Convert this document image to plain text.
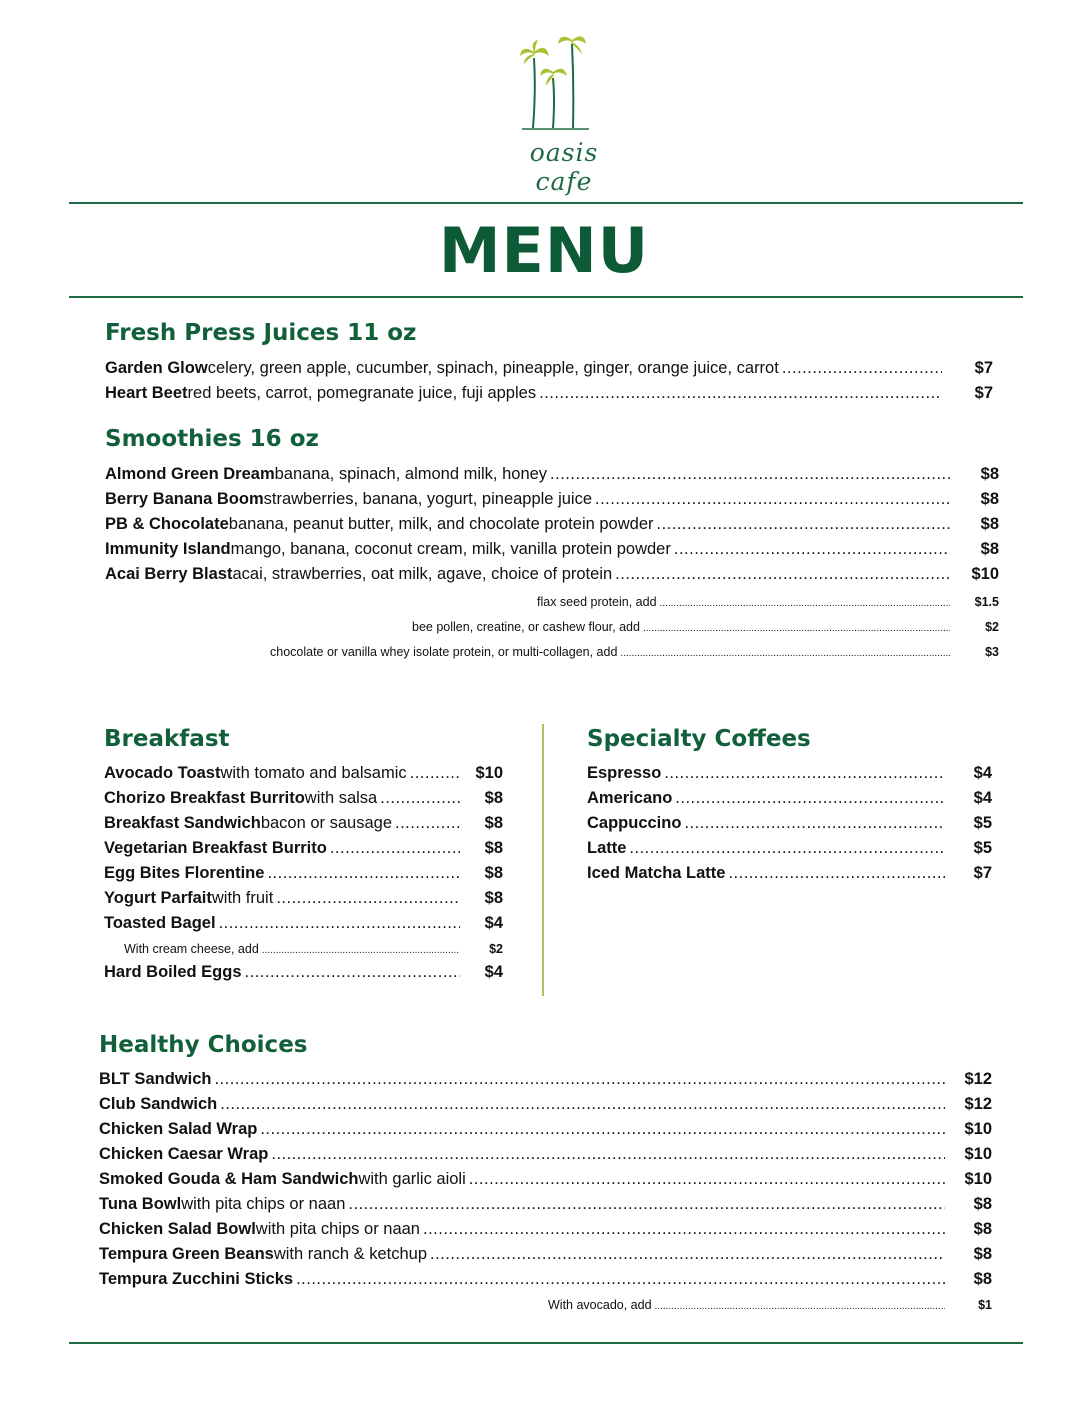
oasis cafe
MENU
Fresh Press Juices 11 oz
Garden Glow celery, green apple, cucumber, spinach, pineapple, ginger, orange juice, carrot .....	$7
Heart Beet red beets, carrot, pomegranate juice, fuji apples .....	$7
Smoothies 16 oz
Almond Green Dream banana, spinach, almond milk, honey .....	$8
Berry Banana Boom strawberries, banana, yogurt, pineapple juice .....	$8
PB & Chocolate banana, peanut butter, milk, and chocolate protein powder .....	$8
Immunity Island mango, banana, coconut cream, milk, vanilla protein powder .....	$8
Acai Berry Blast acai, strawberries, oat milk, agave, choice of protein .....	$10
flax seed protein, add .....	$1.5
bee pollen, creatine, or cashew flour, add .....	$2
chocolate or vanilla whey isolate protein, or multi-collagen, add .....	$3
Breakfast
Avocado Toast with tomato and balsamic .....	$10
Chorizo Breakfast Burrito with salsa .....	$8
Breakfast Sandwich bacon or sausage .....	$8
Vegetarian Breakfast Burrito .....	$8
Egg Bites Florentine .....	$8
Yogurt Parfait with fruit .....	$8
Toasted Bagel .....	$4
With cream cheese, add .....	$2
Hard Boiled Eggs .....	$4
Specialty Coffees
Espresso .....	$4
Americano .....	$4
Cappuccino .....	$5
Latte .....	$5
Iced Matcha Latte .....	$7
Healthy Choices
BLT Sandwich .....	$12
Club Sandwich .....	$12
Chicken Salad Wrap .....	$10
Chicken Caesar Wrap .....	$10
Smoked Gouda & Ham Sandwich with garlic aioli .....	$10
Tuna Bowl with pita chips or naan .....	$8
Chicken Salad Bowl with pita chips or naan .....	$8
Tempura Green Beans with ranch & ketchup .....	$8
Tempura Zucchini Sticks .....	$8
With avocado, add .....	$1
